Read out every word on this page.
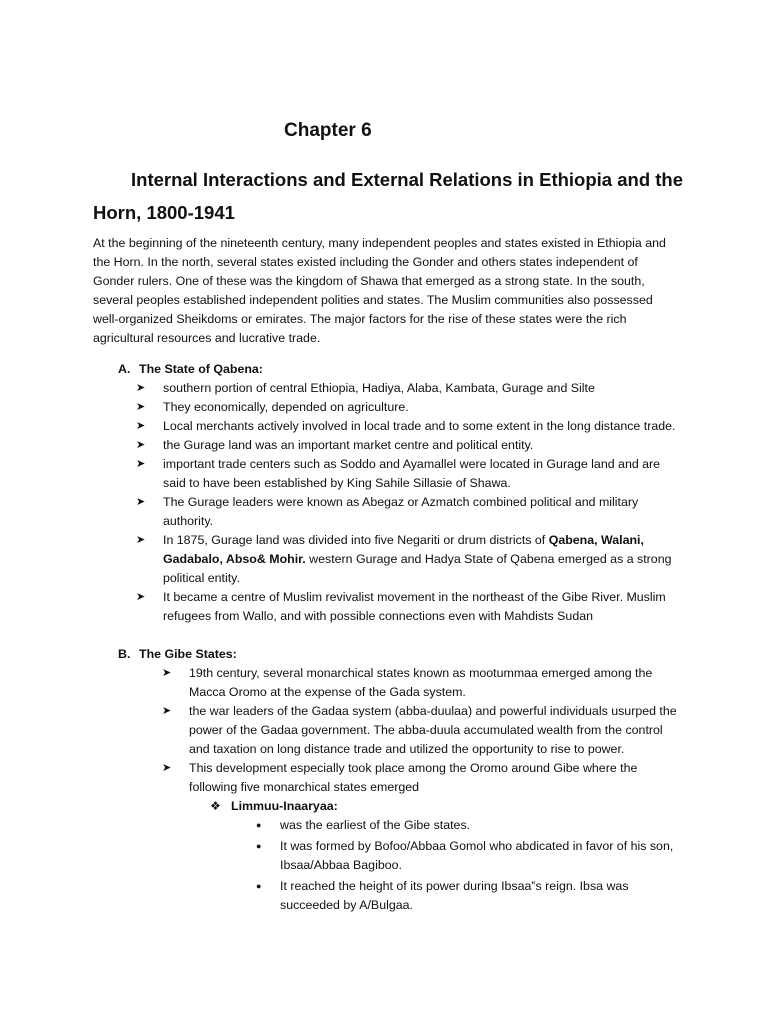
Chapter 6
Internal Interactions and External Relations in Ethiopia and the Horn, 1800-1941

At the beginning of the nineteenth century, many independent peoples and states existed in Ethiopia and the Horn. In the north, several states existed including the Gonder and others states independent of Gonder rulers. One of these was the kingdom of Shawa that emerged as a strong state. In the south, several peoples established independent polities and states. The Muslim communities also possessed well-organized Sheikdoms or emirates. The major factors for the rise of these states were the rich agricultural resources and lucrative trade.

A. The State of Qabena:
➤	southern portion of central Ethiopia, Hadiya, Alaba, Kambata, Gurage and Silte
➤	They economically, depended on agriculture.
➤	Local merchants actively involved in local trade and to some extent in the long distance trade.
➤	the Gurage land was an important market centre and political entity.
➤	important trade centers such as Soddo and Ayamallel were located in Gurage land and are said to have been established by King Sahile Sillasie of Shawa.
➤	The Gurage leaders were known as Abegaz or Azmatch combined political and military authority.
➤	In 1875, Gurage land was divided into five Negariti or drum districts of Qabena, Walani, Gadabalo, Abso& Mohir. western Gurage and Hadya State of Qabena emerged as a strong political entity.
➤	It became a centre of Muslim revivalist movement in the northeast of the Gibe River. Muslim refugees from Wallo, and with possible connections even with Mahdists Sudan
B. The Gibe States:
➤	19th century, several monarchical states known as mootummaa emerged among the Macca Oromo at the expense of the Gada system.
➤	the war leaders of the Gadaa system (abba-duulaa) and powerful individuals usurped the power of the Gadaa government. The abba-duula accumulated wealth from the control and taxation on long distance trade and utilized the opportunity to rise to power.
➤	This development especially took place among the Oromo around Gibe where the following five monarchical states emerged
❖ Limmuu-Inaaryaa:
●	was the earliest of the Gibe states.
●	It was formed by Bofoo/Abbaa Gomol who abdicated in favor of his son, Ibsaa/Abbaa Bagiboo.
●	It reached the height of its power during Ibsaa‟s reign. Ibsa was succeeded by A/Bulgaa.
